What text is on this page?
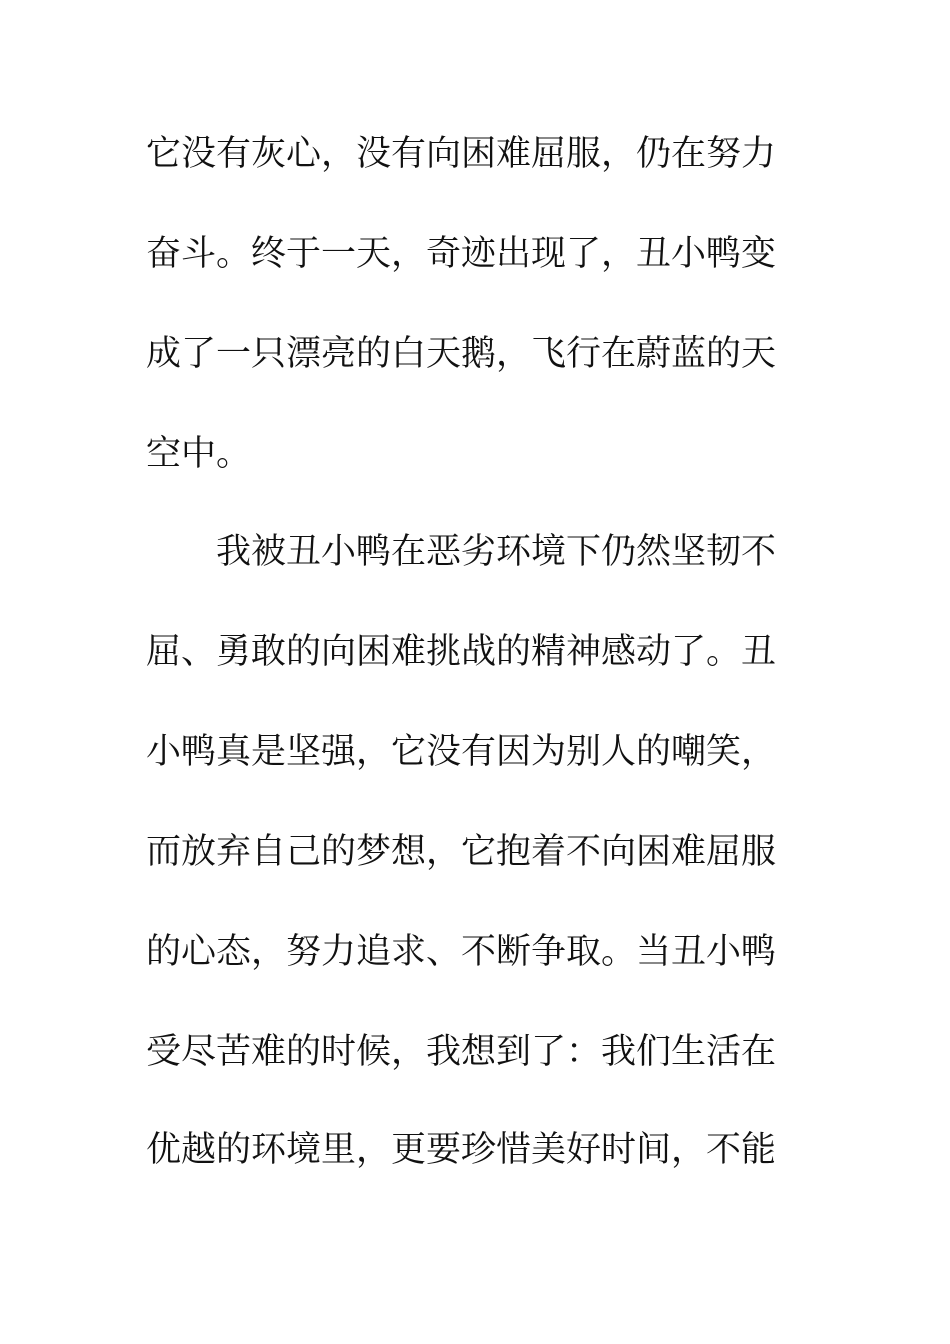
它没有灰心，没有向困难屈服，仍在努力
奋斗。终于一天，奇迹出现了，丑小鸭变
成了一只漂亮的白天鹅，飞行在蔚蓝的天
空中。
我被丑小鸭在恶劣环境下仍然坚韧不
屈、勇敢的向困难挑战的精神感动了。丑
小鸭真是坚强，它没有因为别人的嘲笑，
而放弃自己的梦想，它抱着不向困难屈服
的心态，努力追求、不断争取。当丑小鸭
受尽苦难的时候，我想到了：我们生活在
优越的环境里，更要珍惜美好时间，不能
